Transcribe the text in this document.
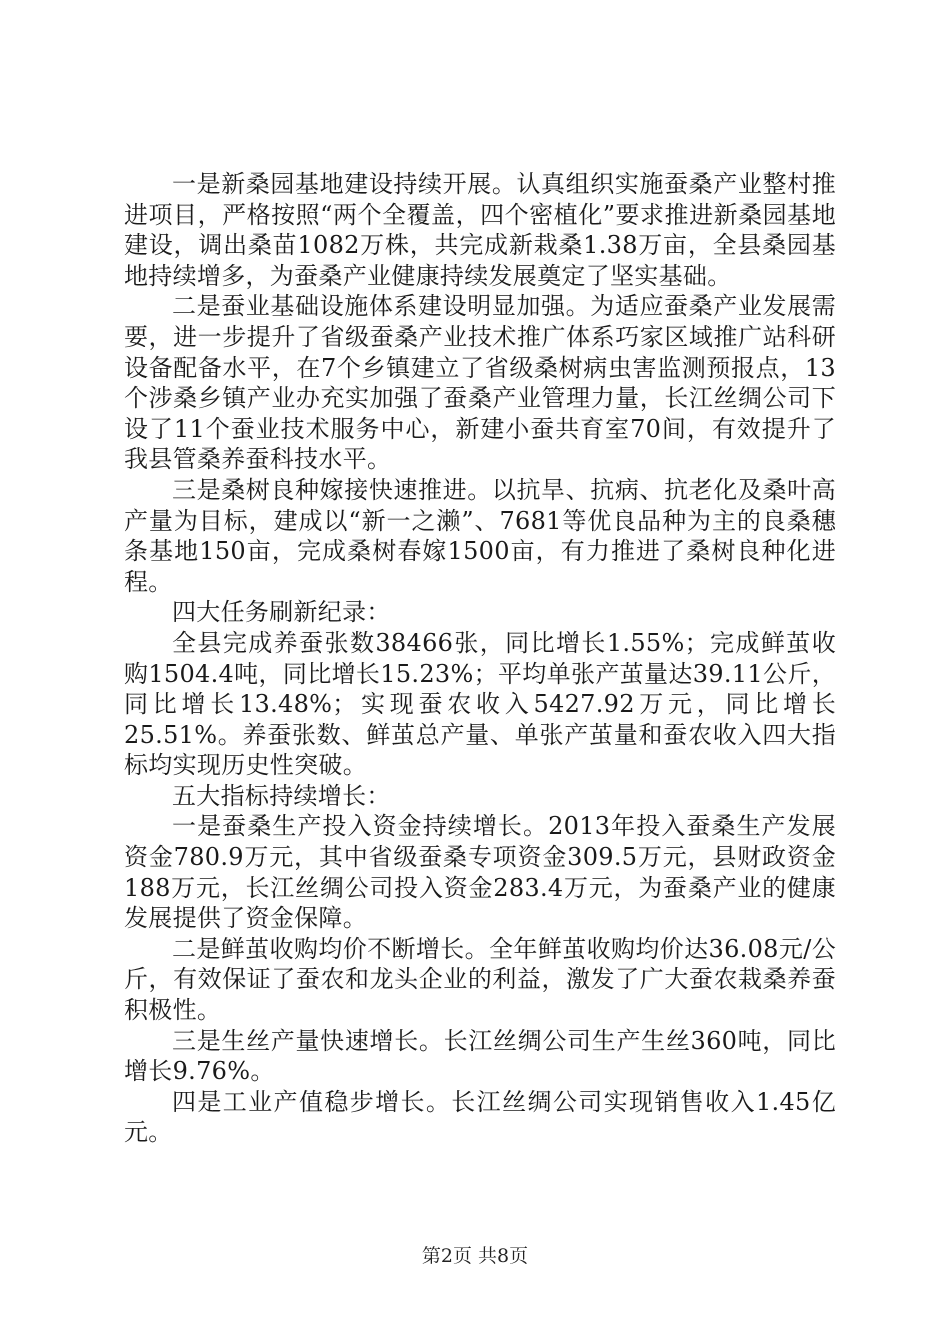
一是新桑园基地建设持续开展。认真组织实施蚕桑产业整村推进项目，严格按照“两个全覆盖，四个密植化”要求推进新桑园基地建设，调出桑苗1082万株，共完成新栽桑1.38万亩，全县桑园基地持续增多，为蚕桑产业健康持续发展奠定了坚实基础。

二是蚕业基础设施体系建设明显加强。为适应蚕桑产业发展需要，进一步提升了省级蚕桑产业技术推广体系巧家区域推广站科研设备配备水平，在7个乡镇建立了省级桑树病虫害监测预报点，13个涉桑乡镇产业办充实加强了蚕桑产业管理力量，长江丝绸公司下设了11个蚕业技术服务中心，新建小蚕共育室70间，有效提升了我县管桑养蚕科技水平。

三是桑树良种嫁接快速推进。以抗旱、抗病、抗老化及桑叶高产量为目标，建成以“新一之濑”、7681等优良品种为主的良桑穗条基地150亩，完成桑树春嫁1500亩，有力推进了桑树良种化进程。

四大任务刷新纪录：

全县完成养蚕张数38466张，同比增长1.55%；完成鲜茧收购1504.4吨，同比增长15.23%；平均单张产茧量达39.11公斤，同比增长13.48%；实现蚕农收入5427.92万元，同比增长25.51%。养蚕张数、鲜茧总产量、单张产茧量和蚕农收入四大指标均实现历史性突破。

五大指标持续增长：

一是蚕桑生产投入资金持续增长。2013年投入蚕桑生产发展资金780.9万元，其中省级蚕桑专项资金309.5万元，县财政资金188万元，长江丝绸公司投入资金283.4万元，为蚕桑产业的健康发展提供了资金保障。

二是鲜茧收购均价不断增长。全年鲜茧收购均价达36.08元/公斤，有效保证了蚕农和龙头企业的利益，激发了广大蚕农栽桑养蚕积极性。

三是生丝产量快速增长。长江丝绸公司生产生丝360吨，同比增长9.76%。

四是工业产值稳步增长。长江丝绸公司实现销售收入1.45亿元。

第2页 共8页
